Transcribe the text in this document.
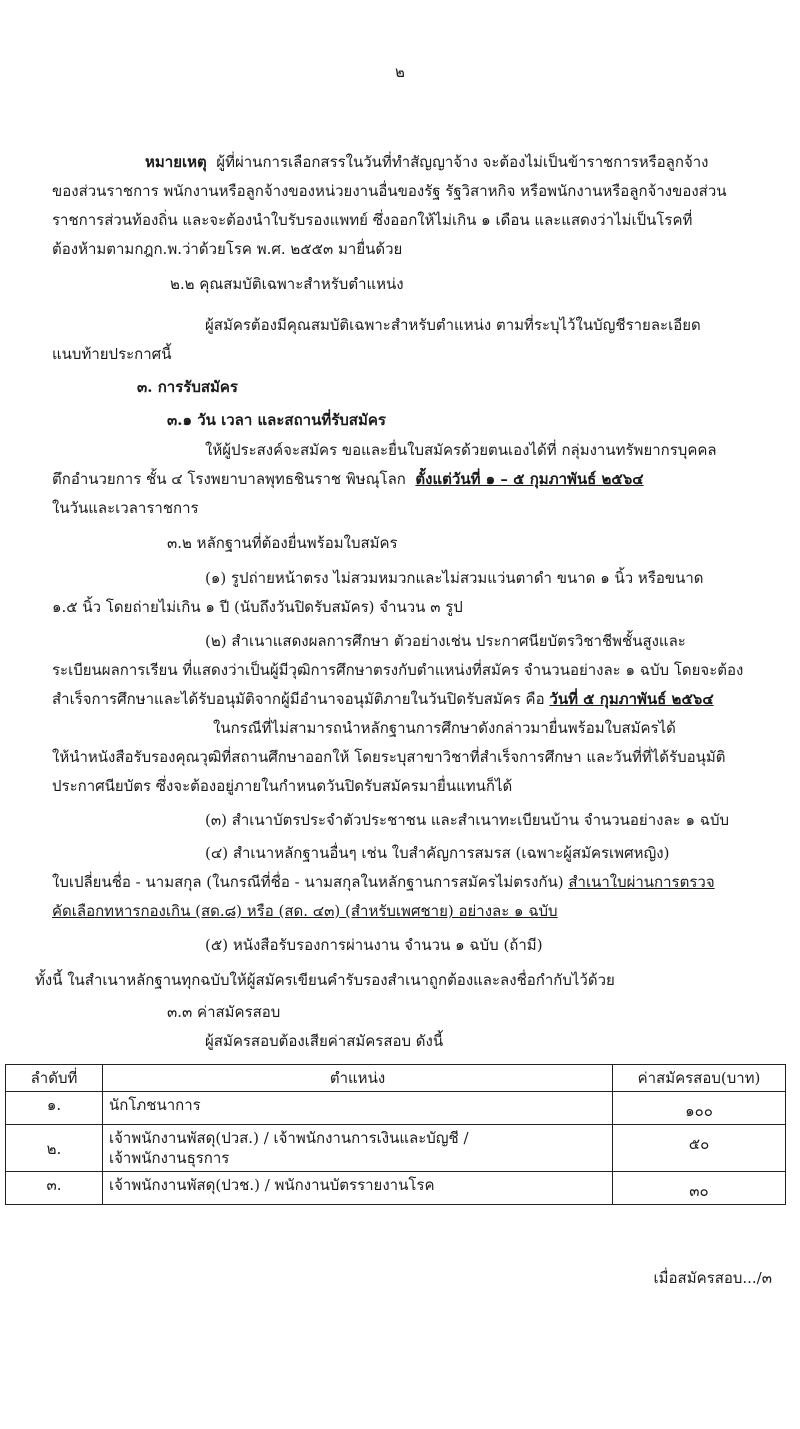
๒
หมายเหตุ ผู้ที่ผ่านการเลือกสรรในวันที่ทำสัญญาจ้าง จะต้องไม่เป็นข้าราชการหรือลูกจ้าง
ของส่วนราชการ พนักงานหรือลูกจ้างของหน่วยงานอื่นของรัฐ รัฐวิสาหกิจ หรือพนักงานหรือลูกจ้างของส่วน
ราชการส่วนท้องถิ่น และจะต้องนำใบรับรองแพทย์ ซึ่งออกให้ไม่เกิน ๑ เดือน และแสดงว่าไม่เป็นโรคที่
ต้องห้ามตามกฎก.พ.ว่าด้วยโรค พ.ศ. ๒๕๕๓ มายื่นด้วย
๒.๒ คุณสมบัติเฉพาะสำหรับตำแหน่ง
ผู้สมัครต้องมีคุณสมบัติเฉพาะสำหรับตำแหน่ง ตามที่ระบุไว้ในบัญชีรายละเอียด
แนบท้ายประกาศนี้
๓. การรับสมัคร
๓.๑ วัน เวลา และสถานที่รับสมัคร
ให้ผู้ประสงค์จะสมัคร ขอและยื่นใบสมัครด้วยตนเองได้ที่ กลุ่มงานทรัพยากรบุคคล
ตึกอำนวยการ ชั้น ๔ โรงพยาบาลพุทธชินราช พิษณุโลก ตั้งแต่วันที่ ๑ – ๕ กุมภาพันธ์ ๒๕๖๔
ในวันและเวลาราชการ
๓.๒ หลักฐานที่ต้องยื่นพร้อมใบสมัคร
(๑) รูปถ่ายหน้าตรง ไม่สวมหมวกและไม่สวมแว่นตาดำ ขนาด ๑ นิ้ว หรือขนาด
๑.๕ นิ้ว โดยถ่ายไม่เกิน ๑ ปี (นับถึงวันปิดรับสมัคร) จำนวน ๓ รูป
(๒) สำเนาแสดงผลการศึกษา ตัวอย่างเช่น ประกาศนียบัตรวิชาชีพชั้นสูงและ
ระเบียนผลการเรียน ที่แสดงว่าเป็นผู้มีวุฒิการศึกษาตรงกับตำแหน่งที่สมัคร จำนวนอย่างละ ๑ ฉบับ โดยจะต้อง
สำเร็จการศึกษาและได้รับอนุมัติจากผู้มีอำนาจอนุมัติภายในวันปิดรับสมัคร คือ วันที่ ๕ กุมภาพันธ์ ๒๕๖๔
ในกรณีที่ไม่สามารถนำหลักฐานการศึกษาดังกล่าวมายื่นพร้อมใบสมัครได้
ให้นำหนังสือรับรองคุณวุฒิที่สถานศึกษาออกให้ โดยระบุสาขาวิชาที่สำเร็จการศึกษา และวันที่ที่ได้รับอนุมัติ
ประกาศนียบัตร ซึ่งจะต้องอยู่ภายในกำหนดวันปิดรับสมัครมายื่นแทนก็ได้
(๓) สำเนาบัตรประจำตัวประชาชน และสำเนาทะเบียนบ้าน จำนวนอย่างละ ๑ ฉบับ
(๔) สำเนาหลักฐานอื่นๆ เช่น ใบสำคัญการสมรส (เฉพาะผู้สมัครเพศหญิง)
ใบเปลี่ยนชื่อ - นามสกุล (ในกรณีที่ชื่อ - นามสกุลในหลักฐานการสมัครไม่ตรงกัน) สำเนาใบผ่านการตรวจ
คัดเลือกทหารกองเกิน (สด.๘) หรือ (สด. ๔๓) (สำหรับเพศชาย) อย่างละ ๑ ฉบับ
(๕) หนังสือรับรองการผ่านงาน จำนวน ๑ ฉบับ (ถ้ามี)
ทั้งนี้ ในสำเนาหลักฐานทุกฉบับให้ผู้สมัครเขียนคำรับรองสำเนาถูกต้องและลงชื่อกำกับไว้ด้วย
๓.๓ ค่าสมัครสอบ
ผู้สมัครสอบต้องเสียค่าสมัครสอบ ดังนี้
ลำดับที่	ตำแหน่ง	ค่าสมัครสอบ(บาท)
๑.	นักโภชนาการ	๑๐๐

๒.	เจ้าพนักงานพัสดุ(ปวส.) / เจ้าพนักงานการเงินและบัญชี /
เจ้าพนักงานธุรการ	๕๐

๓.	เจ้าพนักงานพัสดุ(ปวช.) / พนักงานบัตรรายงานโรค	๓๐
เมื่อสมัครสอบ.../๓
